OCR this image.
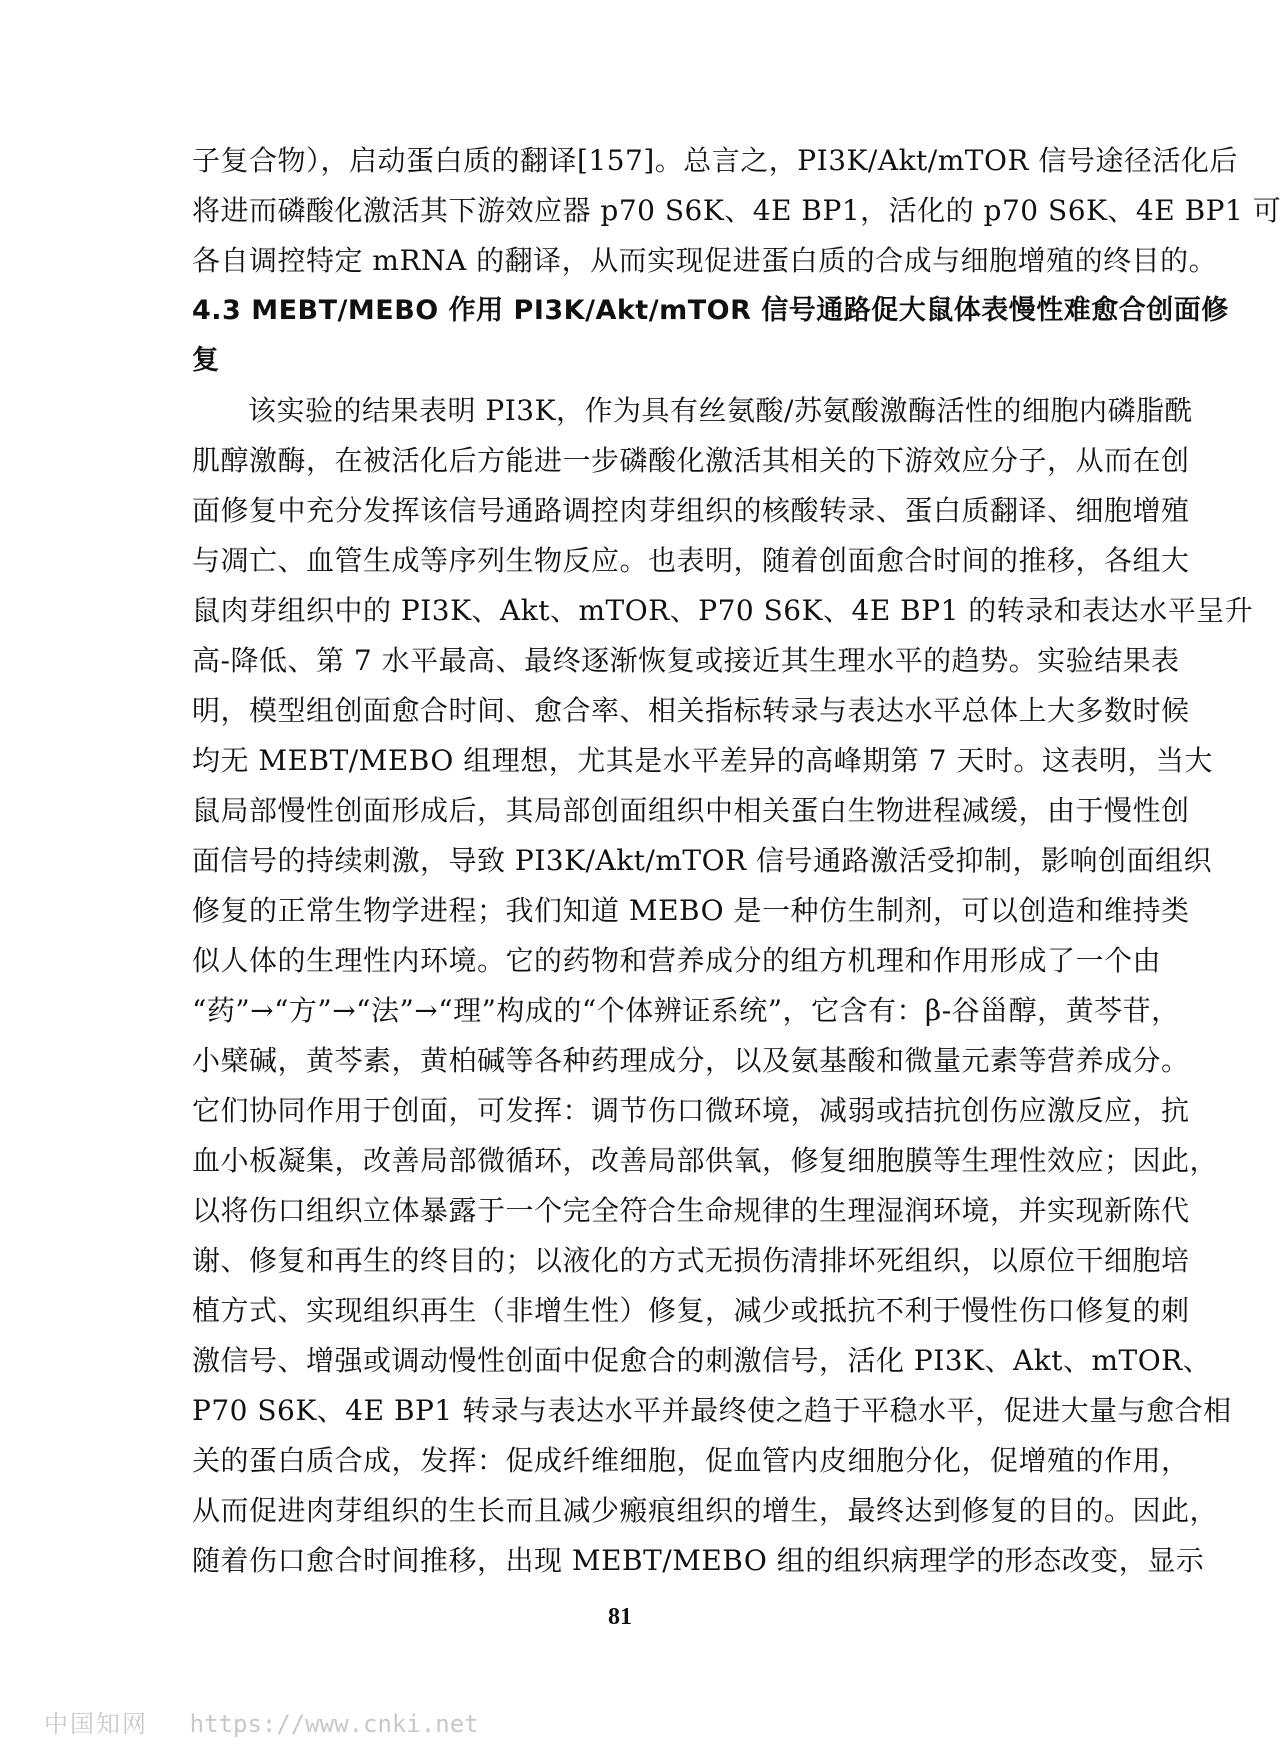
子复合物），启动蛋白质的翻译[157]。总言之，PI3K/Akt/mTOR 信号途径活化后
将进而磷酸化激活其下游效应器 p70 S6K、4E BP1，活化的 p70 S6K、4E BP1 可
各自调控特定 mRNA 的翻译，从而实现促进蛋白质的合成与细胞增殖的终目的。
4.3 MEBT/MEBO 作用 PI3K/Akt/mTOR 信号通路促大鼠体表慢性难愈合创面修
复
该实验的结果表明 PI3K，作为具有丝氨酸/苏氨酸激酶活性的细胞内磷脂酰
肌醇激酶，在被活化后方能进一步磷酸化激活其相关的下游效应分子，从而在创
面修复中充分发挥该信号通路调控肉芽组织的核酸转录、蛋白质翻译、细胞增殖
与凋亡、血管生成等序列生物反应。也表明，随着创面愈合时间的推移，各组大
鼠肉芽组织中的 PI3K、Akt、mTOR、P70 S6K、4E BP1 的转录和表达水平呈升
高-降低、第 7 水平最高、最终逐渐恢复或接近其生理水平的趋势。实验结果表
明，模型组创面愈合时间、愈合率、相关指标转录与表达水平总体上大多数时候
均无 MEBT/MEBO 组理想，尤其是水平差异的高峰期第 7 天时。这表明，当大
鼠局部慢性创面形成后，其局部创面组织中相关蛋白生物进程减缓，由于慢性创
面信号的持续刺激，导致 PI3K/Akt/mTOR 信号通路激活受抑制，影响创面组织
修复的正常生物学进程；我们知道 MEBO 是一种仿生制剂，可以创造和维持类
似人体的生理性内环境。它的药物和营养成分的组方机理和作用形成了一个由
“药”→“方”→“法”→“理”构成的“个体辨证系统”，它含有：β-谷甾醇，黄芩苷，
小檗碱，黄芩素，黄柏碱等各种药理成分，以及氨基酸和微量元素等营养成分。
它们协同作用于创面，可发挥：调节伤口微环境，减弱或拮抗创伤应激反应，抗
血小板凝集，改善局部微循环，改善局部供氧，修复细胞膜等生理性效应；因此，
以将伤口组织立体暴露于一个完全符合生命规律的生理湿润环境，并实现新陈代
谢、修复和再生的终目的；以液化的方式无损伤清排坏死组织，以原位干细胞培
植方式、实现组织再生（非增生性）修复，减少或抵抗不利于慢性伤口修复的刺
激信号、增强或调动慢性创面中促愈合的刺激信号，活化 PI3K、Akt、mTOR、
P70 S6K、4E BP1 转录与表达水平并最终使之趋于平稳水平，促进大量与愈合相
关的蛋白质合成，发挥：促成纤维细胞，促血管内皮细胞分化，促增殖的作用，
从而促进肉芽组织的生长而且减少瘢痕组织的增生，最终达到修复的目的。因此，
随着伤口愈合时间推移，出现 MEBT/MEBO 组的组织病理学的形态改变，显示
81
中国知网 https://www.cnki.net
